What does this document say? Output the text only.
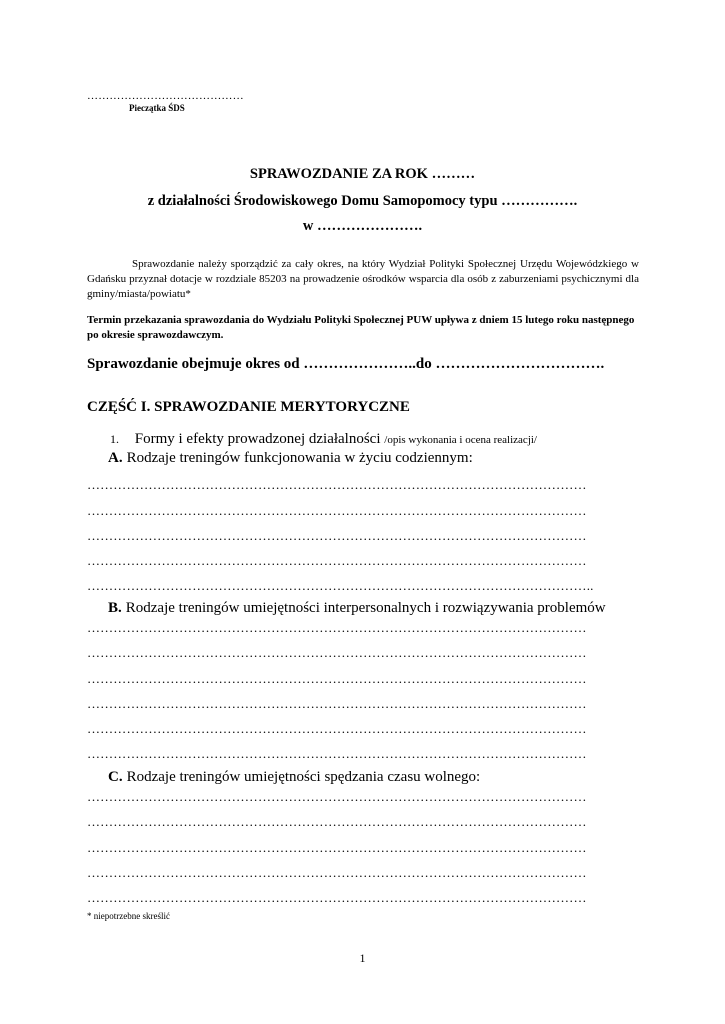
……………………………………
Pieczątka ŚDS
SPRAWOZDANIE ZA ROK ………
z działalności Środowiskowego Domu Samopomocy typu …………….
w ………………….
Sprawozdanie należy sporządzić za cały okres, na który Wydział Polityki Społecznej Urzędu Wojewódzkiego w Gdańsku przyznał dotacje w rozdziale 85203 na prowadzenie ośrodków wsparcia dla osób z zaburzeniami psychicznymi dla gminy/miasta/powiatu*
Termin przekazania sprawozdania do Wydziału Polityki Społecznej PUW upływa z dniem 15 lutego roku następnego po okresie sprawozdawczym.
Sprawozdanie obejmuje okres od …………………..do …………………………….
CZĘŚĆ I. SPRAWOZDANIE MERYTORYCZNE
1. Formy i efekty prowadzonej działalności /opis wykonania i ocena realizacji/
A. Rodzaje treningów funkcjonowania w życiu codziennym:
……………………………………………………………………………………………………
……………………………………………………………………………………………………
……………………………………………………………………………………………………
……………………………………………………………………………………………………
……………………………………………………………………………………………………..
B. Rodzaje treningów umiejętności interpersonalnych i rozwiązywania problemów
……………………………………………………………………………………………………
……………………………………………………………………………………………………
……………………………………………………………………………………………………
……………………………………………………………………………………………………
……………………………………………………………………………………………………
……………………………………………………………………………………………………
C. Rodzaje treningów umiejętności spędzania czasu wolnego:
……………………………………………………………………………………………………
……………………………………………………………………………………………………
……………………………………………………………………………………………………
……………………………………………………………………………………………………
……………………………………………………………………………………………………
* niepotrzebne skreślić
1
